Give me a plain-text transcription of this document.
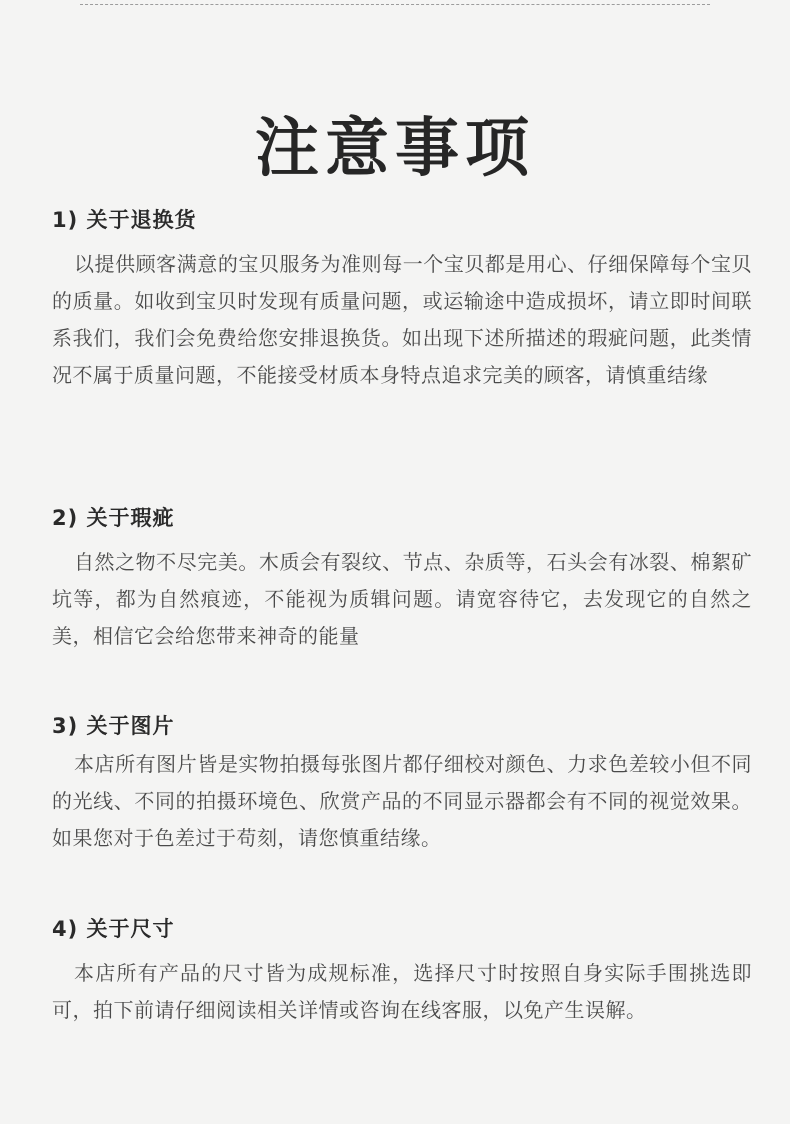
注意事项
1) 关于退换货

以提供顾客满意的宝贝服务为准则每一个宝贝都是用心、仔细保障每个宝贝的质量。如收到宝贝时发现有质量问题，或运输途中造成损坏，请立即时间联系我们，我们会免费给您安排退换货。如出现下述所描述的瑕疵问题，此类情况不属于质量问题，不能接受材质本身特点追求完美的顾客，请慎重结缘

2) 关于瑕疵

自然之物不尽完美。木质会有裂纹、节点、杂质等，石头会有冰裂、棉絮矿坑等，都为自然痕迹，不能视为质辑问题。请宽容待它，去发现它的自然之美，相信它会给您带来神奇的能量

3) 关于图片

本店所有图片皆是实物拍摄每张图片都仔细校对颜色、力求色差较小但不同的光线、不同的拍摄环境色、欣赏产品的不同显示器都会有不同的视觉效果。如果您对于色差过于苟刻，请您慎重结缘。

4) 关于尺寸

本店所有产品的尺寸皆为成规标准，选择尺寸时按照自身实际手围挑选即可，拍下前请仔细阅读相关详情或咨询在线客服，以免产生误解。
